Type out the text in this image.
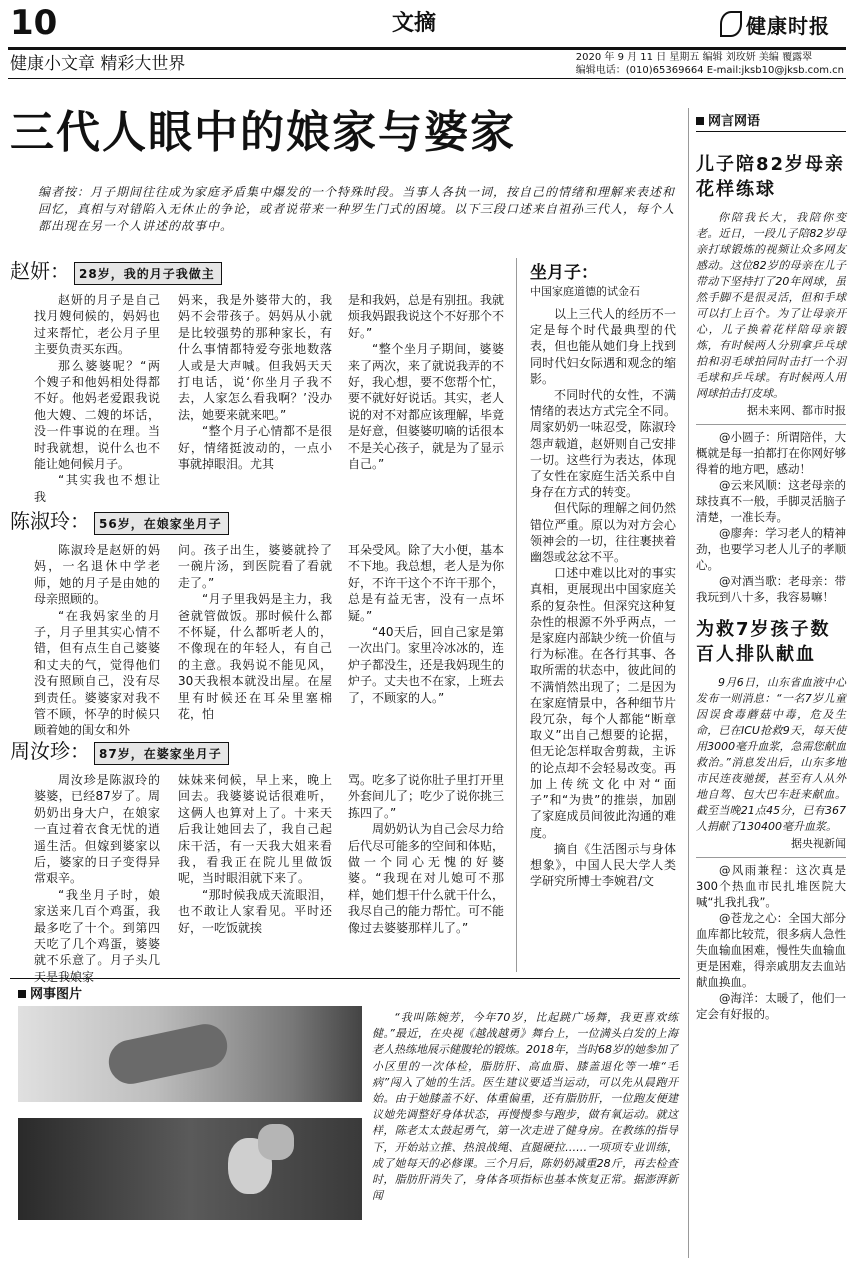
10	文摘	健康时报
健康小文章 精彩大世界	2020 年 9 月 11 日 星期五 编辑 刘玫妍 美编 覆露翠
编辑电话：(010)65369664 E-mail:jksb10@jksb.com.cn
三代人眼中的娘家与婆家
编者按：月子期间往往成为家庭矛盾集中爆发的一个特殊时段。当事人各执一词，按自己的情绪和理解来表述和回忆，真相与对错陷入无休止的争论，或者说带来一种罗生门式的困境。以下三段口述来自祖孙三代人，每个人都出现在另一个人讲述的故事中。
赵妍： 28岁，我的月子我做主

赵妍的月子是自己找月嫂伺候的，妈妈也过来帮忙，老公月子里主要负责买东西。

那么婆婆呢？“两个嫂子和他妈相处得都不好。他妈老爱跟我说他大嫂、二嫂的坏话，没一件事说的在理。当时我就想，说什么也不能让她伺候月子。

“其实我也不想让我

妈来，我是外婆带大的，我妈不会带孩子。妈妈从小就是比较强势的那种家长，有什么事情都特爱夸张地数落人或是大声喊。但我妈天天打电话，说‘你坐月子我不去，人家怎么看我啊？’没办法，她要来就来吧。”

“整个月子心情都不是很好，情绪挺波动的，一点小事就掉眼泪。尤其

是和我妈，总是有别扭。我就烦我妈跟我说这个不好那个不好。”

“整个坐月子期间，婆婆来了两次，来了就说我弄的不好，我心想，要不您帮个忙，要不就好好说话。其实，老人说的对不对都应该理解，毕竟是好意，但婆婆叨嘀的话很本不是关心孩子，就是为了显示自己。”

陈淑玲： 56岁，在娘家坐月子

陈淑玲是赵妍的妈妈，一名退休中学老师，她的月子是由她的母亲照顾的。

“在我妈家坐的月子，月子里其实心情不错，但有点生自己婆婆和丈夫的气，觉得他们没有照顾自己，没有尽到责任。婆婆家对我不管不顾，怀孕的时候只顾着她的闺女和外

问。孩子出生，婆婆就拎了一碗片汤，到医院看了看就走了。”

“月子里我妈是主力，我爸就管做饭。那时候什么都不怀疑，什么都听老人的，不像现在的年轻人，有自己的主意。我妈说不能见风，30天我根本就没出屋。在屋里有时候还在耳朵里塞棉花，怕

耳朵受风。除了大小便，基本不下地。我总想，老人是为你好，不许干这个不许干那个，总是有益无害，没有一点坏疑。”

“40天后，回自己家是第一次出门。家里冷冰冰的，连炉子都没生，还是我妈现生的炉子。丈夫也不在家，上班去了，不顾家的人。”

周汝珍： 87岁，在婆家坐月子

周汝珍是陈淑玲的婆婆，已经87岁了。周奶奶出身大户，在娘家一直过着衣食无忧的逍遥生活。但嫁到婆家以后，婆家的日子变得异常艰辛。

“我坐月子时，娘家送来几百个鸡蛋，我最多吃了十个。到第四天吃了几个鸡蛋，婆婆就不乐意了。月子头几天是我娘家

妹妹来伺候，早上来，晚上回去。我婆婆说话很难听，这俩人也算对上了。十来天后我让她回去了，我自己起床干活，有一天我大姐来看我，看我正在院儿里做饭呢，当时眼泪就下来了。

“那时候我成天流眼泪，也不敢让人家看见。平时还好，一吃饭就挨

骂。吃多了说你肚子里打开里外套间儿了；吃少了说你挑三拣四了。”

周奶奶认为自己会尽力给后代尽可能多的空间和体贴，做一个同心无愧的好婆婆。“我现在对儿媳可不那样，她们想干什么就干什么，我尽自己的能力帮忙。可不能像过去婆婆那样儿了。”

坐月子：
中国家庭道德的试金石

以上三代人的经历不一定是每个时代最典型的代表，但也能从她们身上找到同时代妇女际遇和观念的缩影。

不同时代的女性，不满情绪的表达方式完全不同。周家奶奶一味忍受，陈淑玲怨声载道，赵妍则自己安排一切。这些行为表达，体现了女性在家庭生活关系中自身存在方式的转变。

但代际的理解之间仍然错位严重。原以为对方会心领神会的一切，往往裹挟着幽怨或忿忿不平。

口述中难以比对的事实真相，更展现出中国家庭关系的复杂性。但深究这种复杂性的根源不外乎两点，一是家庭内部缺少统一价值与行为标准。在各行其事、各取所需的状态中，彼此间的不满悄然出现了；二是因为在家庭情景中，各种细节片段冗杂，每个人都能“断章取义”出自己想要的论据，但无论怎样取舍剪裁，主诉的论点却不会轻易改变。再加上传统文化中对“面子”和“为贵”的推崇，加剧了家庭成员间彼此沟通的难度。

摘自《生活图示与身体想象》，中国人民大学人类学研究所博士李婉君/文

网言网语
儿子陪82岁母亲花样练球
你陪我长大，我陪你变老。近日，一段儿子陪82岁母亲打球锻炼的视频让众多网友感动。这位82岁的母亲在儿子带动下坚持打了20年网球，虽然手脚不是很灵活，但和手球可以打上百个。为了让母亲开心，儿子换着花样陪母亲锻炼，有时候两人分别拿乒乓球拍和羽毛球拍同时击打一个羽毛球和乒乓球。有时候两人用网球拍击打皮球。
据未来网、都市时报
@小圆子：所谓陪伴，大概就是每一拍都打在你网好够得着的地方吧，感动！
@云来风顺：这老母亲的球技真不一般，手脚灵活脑子清楚，一准长寿。
@廖奔：学习老人的精神劲，也要学习老人儿子的孝顺心。
@对酒当歌：老母亲：带我玩到八十多，我容易嘛！
为救7岁孩子数百人排队献血
9月6日，山东省血液中心发布一则消息：“一名7岁儿童因误食毒蘑菇中毒，危及生命，已在ICU抢救9天，每天使用3000毫升血浆，急需您献血救治。”消息发出后，山东多地市民连夜驰援，甚至有人从外地自驾、包大巴车赶来献血。截至当晚21点45分，已有367人捐献了130400毫升血浆。
据央视新闻
@风雨兼程：这次真是300个热血市民扎堆医院大喊“扎我扎我”。
@苍龙之心：全国大部分血库都比较荒，很多病人急性失血输血困难，慢性失血输血更是困难，得亲戚朋友去血站献血换血。
@海洋：太暖了，他们一定会有好报的。
网事图片
“我叫陈婉芳，今年70岁，比起跳广场舞，我更喜欢练健。”最近，在央视《越战越勇》舞台上，一位满头白发的上海老人热练地展示健腹轮的锻炼。2018年，当时68岁的她参加了小区里的一次体检，脂肪肝、高血脂、膝盖退化等一堆“毛病”闯入了她的生活。医生建议要适当运动，可以先从晨跑开始。由于她膝盖不好、体重偏重，还有脂肪肝，一位跑友便建议她先调整好身体状态，再慢慢参与跑步，做有氧运动。就这样，陈老太太鼓起勇气，第一次走进了健身房。在教练的指导下，开始站立推、热浪战绳、直腿硬拉……一项项专业训练，成了她每天的必修课。三个月后，陈奶奶减重28斤，再去检查时，脂肪肝消失了，身体各项指标也基本恢复正常。据澎湃新闻
